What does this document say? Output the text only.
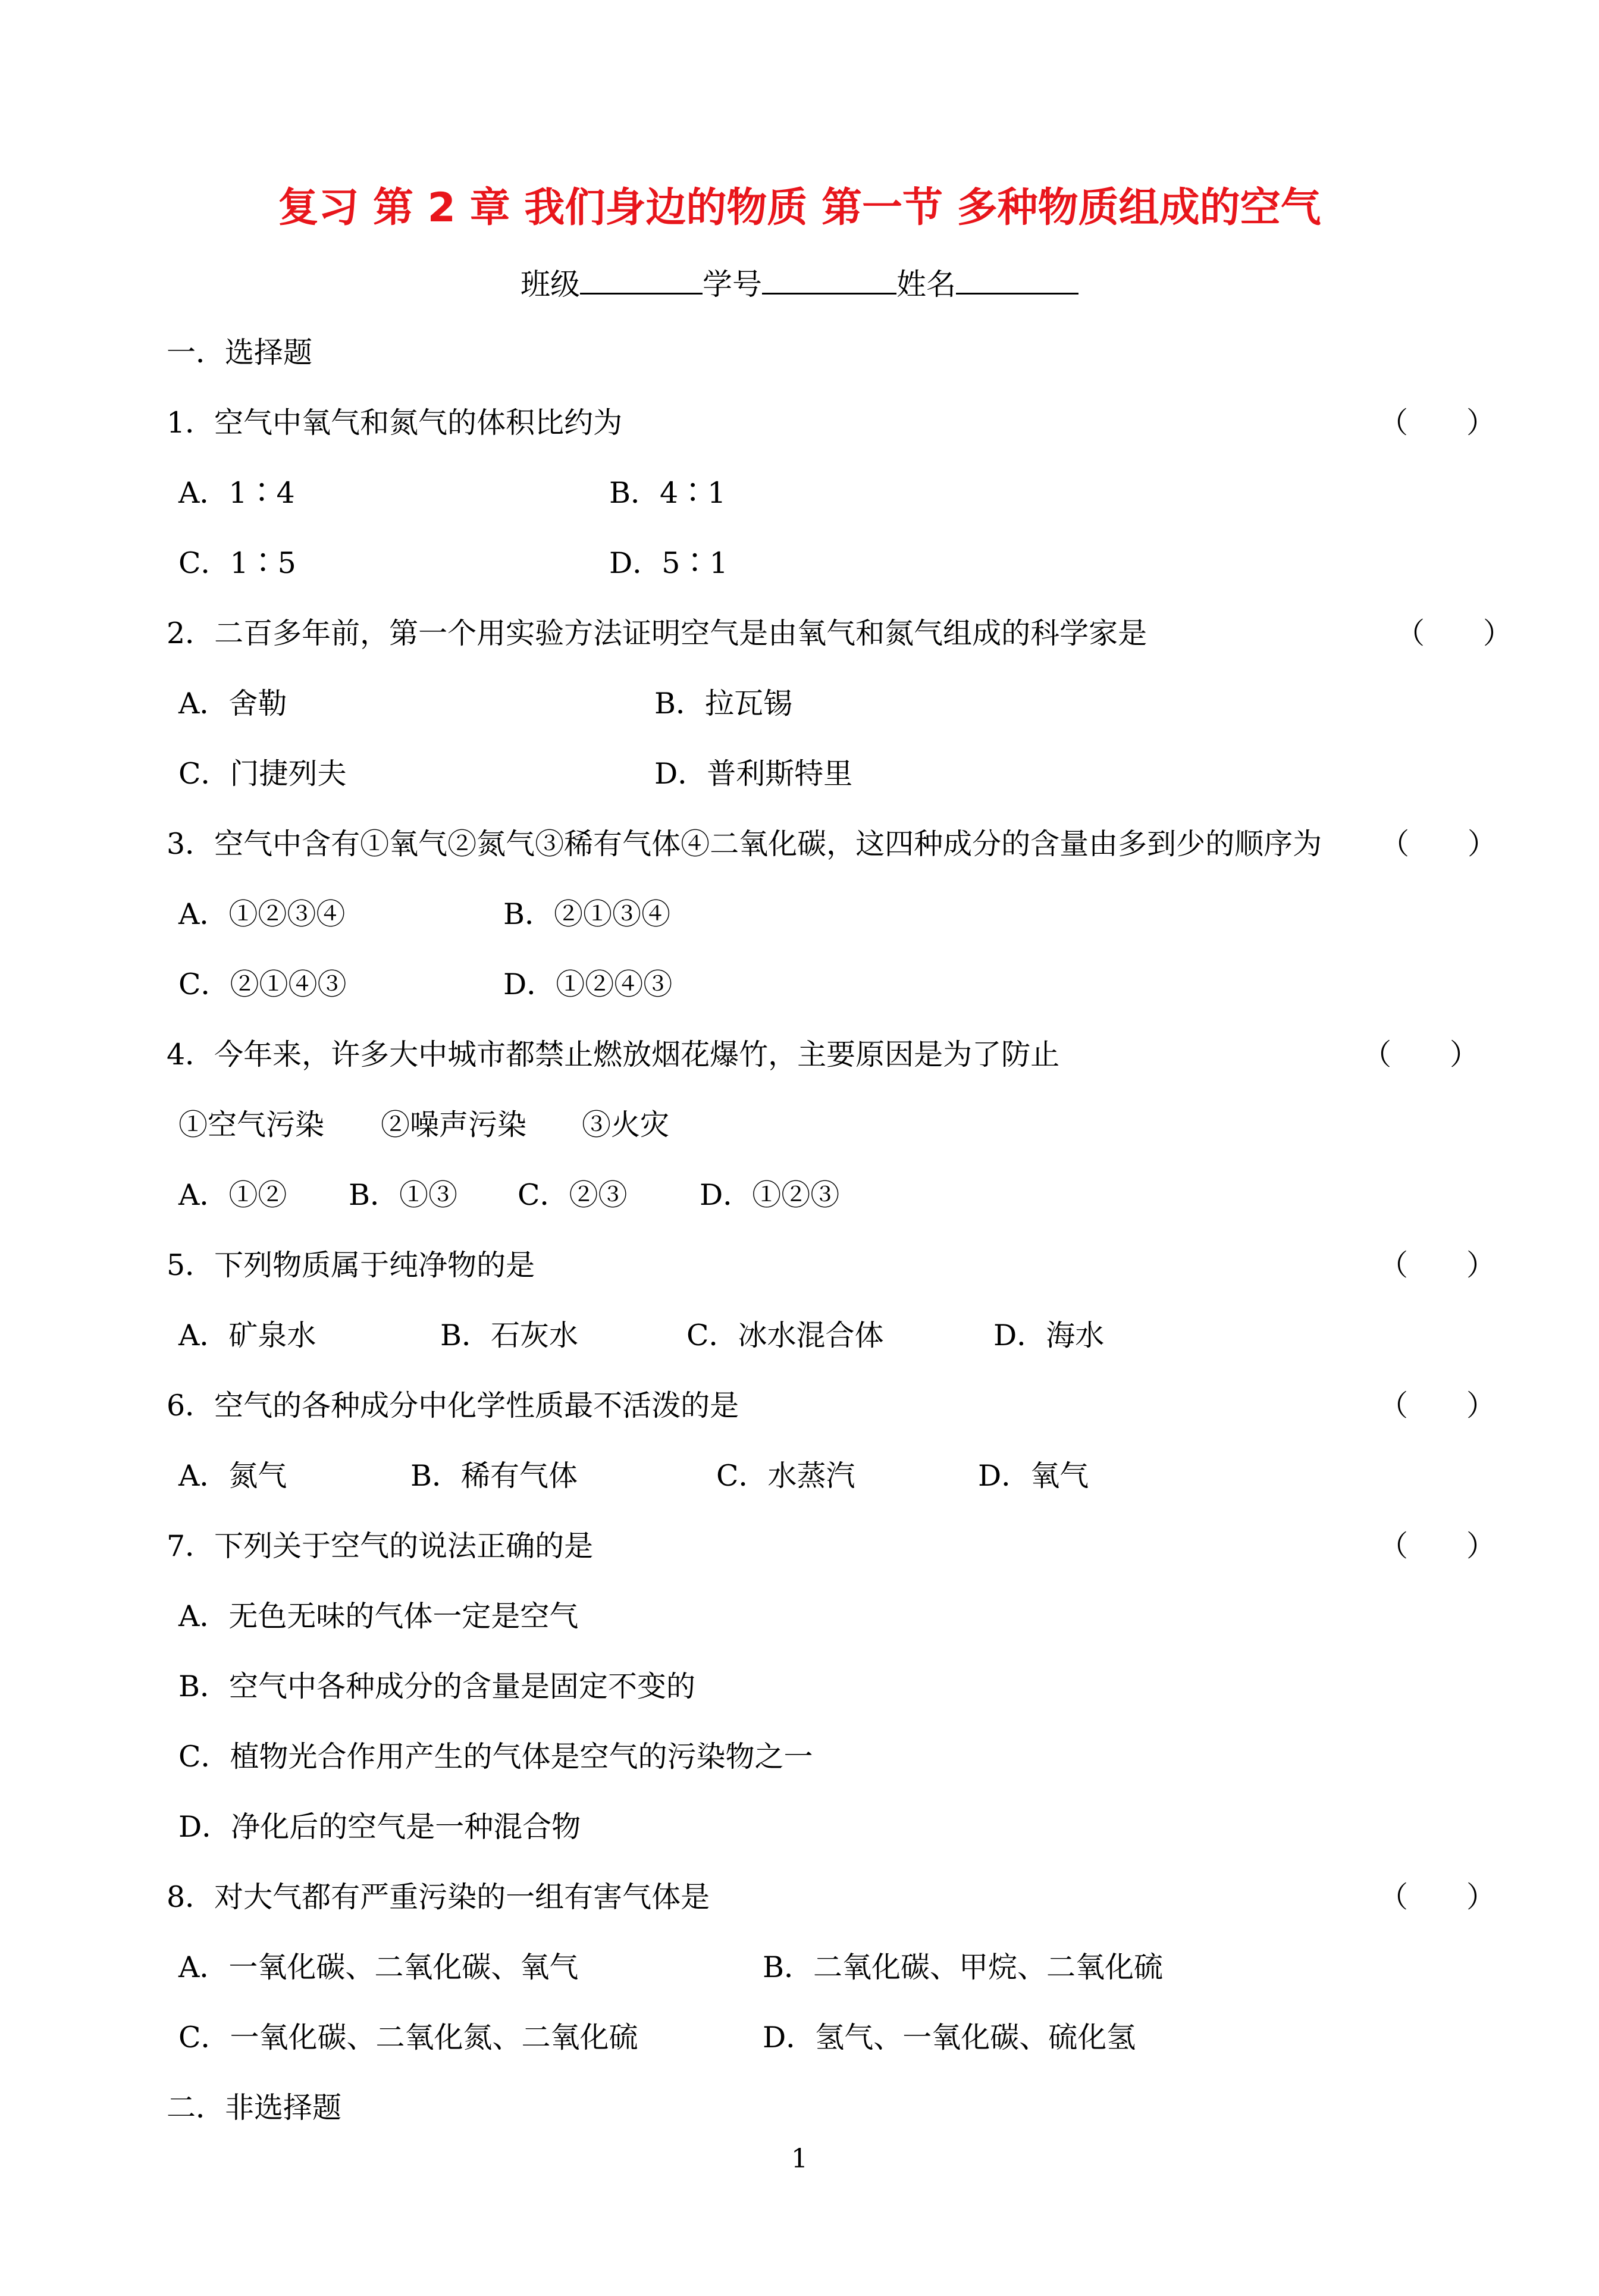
复习 第 2 章 我们身边的物质 第一节 多种物质组成的空气
班级	学号	姓名
一．选择题
1．空气中氧气和氮气的体积比约为	（　　）
A．1∶4	B．4∶1
C．1∶5	D．5∶1
2．二百多年前，第一个用实验方法证明空气是由氧气和氮气组成的科学家是	（　　）
A．舍勒	B．拉瓦锡
C．门捷列夫	D．普利斯特里
3．空气中含有①氧气②氮气③稀有气体④二氧化碳，这四种成分的含量由多到少的顺序为 （　　）
A．①②③④	B．②①③④
C．②①④③	D．①②④③
4．今年来，许多大中城市都禁止燃放烟花爆竹，主要原因是为了防止	（　　）
①空气污染 ②噪声污染 ③火灾
A．①② B．①③ C．②③ D．①②③
5．下列物质属于纯净物的是	（　　）
A．矿泉水	B．石灰水	C．冰水混合体	D．海水
6．空气的各种成分中化学性质最不活泼的是	（　　）
A．氮气	B．稀有气体	C．水蒸汽	D．氧气
7．下列关于空气的说法正确的是	（　　）
A．无色无味的气体一定是空气
B．空气中各种成分的含量是固定不变的
C．植物光合作用产生的气体是空气的污染物之一
D．净化后的空气是一种混合物
8．对大气都有严重污染的一组有害气体是	（　　）
A．一氧化碳、二氧化碳、氧气	B．二氧化碳、甲烷、二氧化硫
C．一氧化碳、二氧化氮、二氧化硫	D．氢气、一氧化碳、硫化氢
二．非选择题
1
